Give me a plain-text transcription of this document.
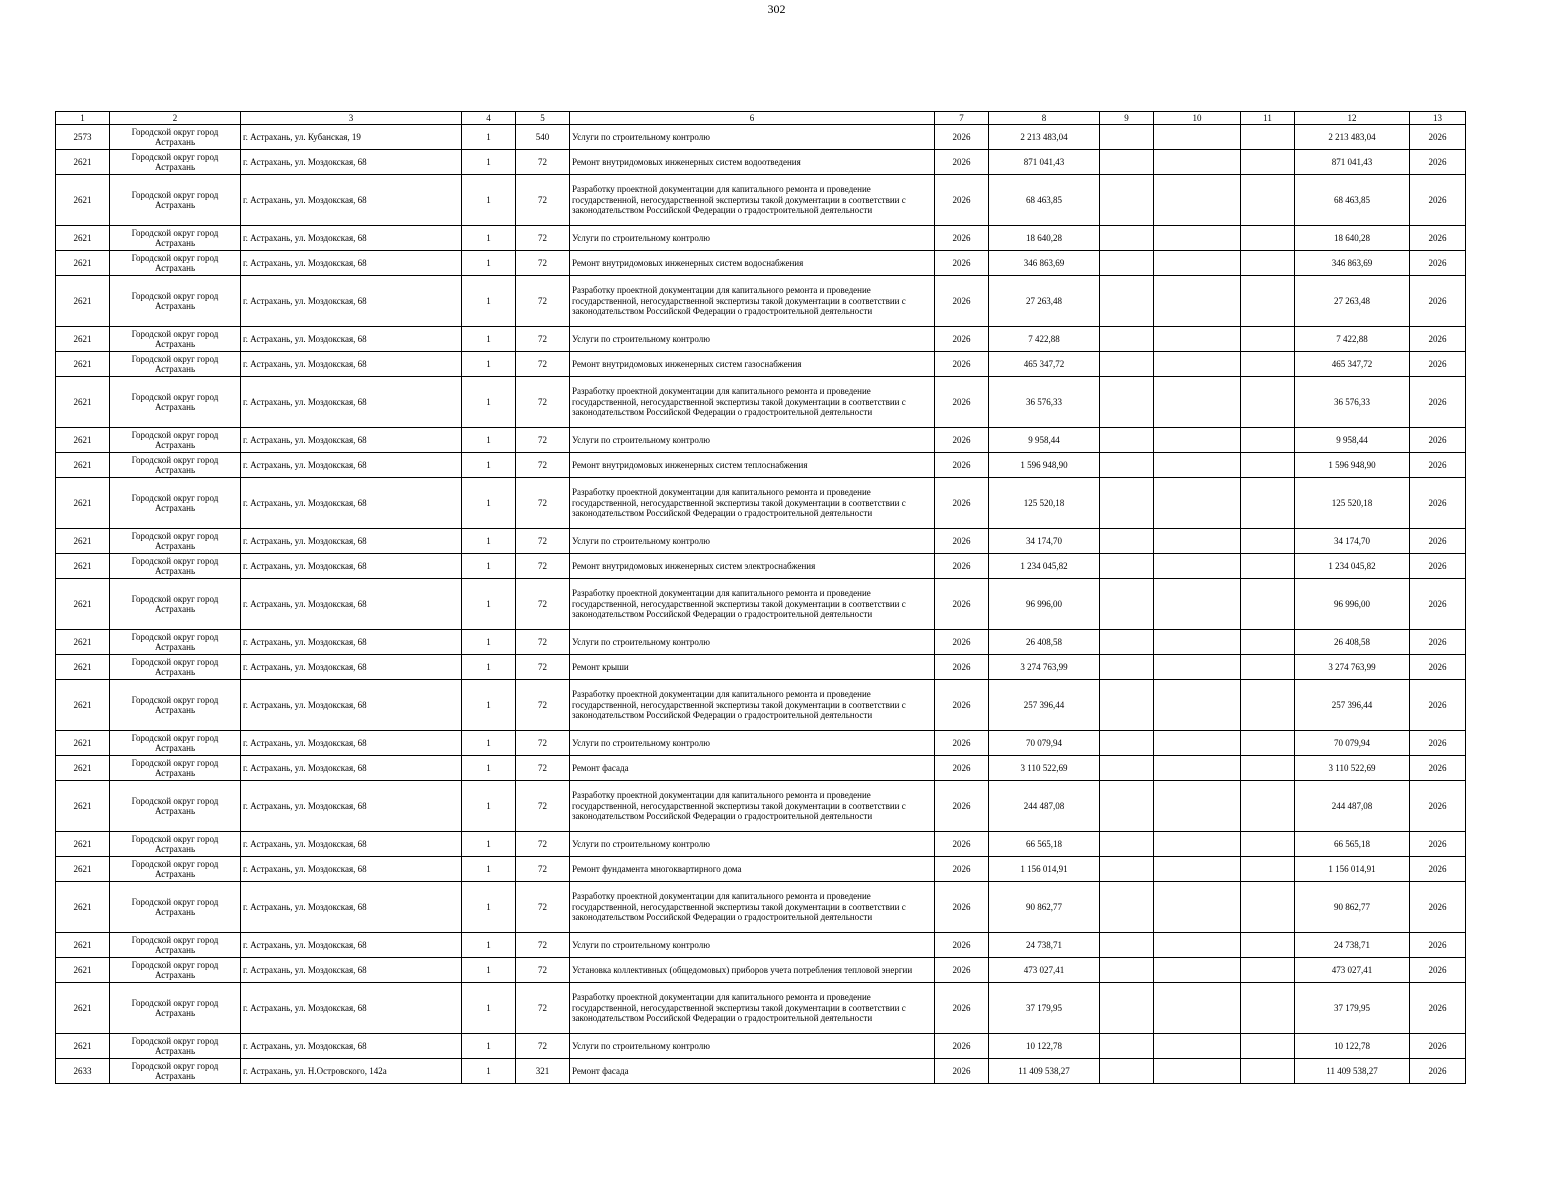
302
1	2	3	4	5	6	7	8	9	10	11	12	13
2573	Городской округ город Астрахань	г. Астрахань, ул. Кубанская, 19	1	540	Услуги по строительному контролю	2026	2 213 483,04				2 213 483,04	2026
2621	Городской округ город Астрахань	г. Астрахань, ул. Моздокская, 68	1	72	Ремонт внутридомовых инженерных систем водоотведения	2026	871 041,43				871 041,43	2026
2621	Городской округ город Астрахань	г. Астрахань, ул. Моздокская, 68	1	72	Разработку проектной документации для капитального ремонта и проведение государственной, негосударственной экспертизы такой документации в соответствии с законодательством Российской Федерации о градостроительной деятельности	2026	68 463,85				68 463,85	2026
2621	Городской округ город Астрахань	г. Астрахань, ул. Моздокская, 68	1	72	Услуги по строительному контролю	2026	18 640,28				18 640,28	2026
2621	Городской округ город Астрахань	г. Астрахань, ул. Моздокская, 68	1	72	Ремонт внутридомовых инженерных систем водоснабжения	2026	346 863,69				346 863,69	2026
2621	Городской округ город Астрахань	г. Астрахань, ул. Моздокская, 68	1	72	Разработку проектной документации для капитального ремонта и проведение государственной, негосударственной экспертизы такой документации в соответствии с законодательством Российской Федерации о градостроительной деятельности	2026	27 263,48				27 263,48	2026
2621	Городской округ город Астрахань	г. Астрахань, ул. Моздокская, 68	1	72	Услуги по строительному контролю	2026	7 422,88				7 422,88	2026
2621	Городской округ город Астрахань	г. Астрахань, ул. Моздокская, 68	1	72	Ремонт внутридомовых инженерных систем газоснабжения	2026	465 347,72				465 347,72	2026
2621	Городской округ город Астрахань	г. Астрахань, ул. Моздокская, 68	1	72	Разработку проектной документации для капитального ремонта и проведение государственной, негосударственной экспертизы такой документации в соответствии с законодательством Российской Федерации о градостроительной деятельности	2026	36 576,33				36 576,33	2026
2621	Городской округ город Астрахань	г. Астрахань, ул. Моздокская, 68	1	72	Услуги по строительному контролю	2026	9 958,44				9 958,44	2026
2621	Городской округ город Астрахань	г. Астрахань, ул. Моздокская, 68	1	72	Ремонт внутридомовых инженерных систем теплоснабжения	2026	1 596 948,90				1 596 948,90	2026
2621	Городской округ город Астрахань	г. Астрахань, ул. Моздокская, 68	1	72	Разработку проектной документации для капитального ремонта и проведение государственной, негосударственной экспертизы такой документации в соответствии с законодательством Российской Федерации о градостроительной деятельности	2026	125 520,18				125 520,18	2026
2621	Городской округ город Астрахань	г. Астрахань, ул. Моздокская, 68	1	72	Услуги по строительному контролю	2026	34 174,70				34 174,70	2026
2621	Городской округ город Астрахань	г. Астрахань, ул. Моздокская, 68	1	72	Ремонт внутридомовых инженерных систем электроснабжения	2026	1 234 045,82				1 234 045,82	2026
2621	Городской округ город Астрахань	г. Астрахань, ул. Моздокская, 68	1	72	Разработку проектной документации для капитального ремонта и проведение государственной, негосударственной экспертизы такой документации в соответствии с законодательством Российской Федерации о градостроительной деятельности	2026	96 996,00				96 996,00	2026
2621	Городской округ город Астрахань	г. Астрахань, ул. Моздокская, 68	1	72	Услуги по строительному контролю	2026	26 408,58				26 408,58	2026
2621	Городской округ город Астрахань	г. Астрахань, ул. Моздокская, 68	1	72	Ремонт крыши	2026	3 274 763,99				3 274 763,99	2026
2621	Городской округ город Астрахань	г. Астрахань, ул. Моздокская, 68	1	72	Разработку проектной документации для капитального ремонта и проведение государственной, негосударственной экспертизы такой документации в соответствии с законодательством Российской Федерации о градостроительной деятельности	2026	257 396,44				257 396,44	2026
2621	Городской округ город Астрахань	г. Астрахань, ул. Моздокская, 68	1	72	Услуги по строительному контролю	2026	70 079,94				70 079,94	2026
2621	Городской округ город Астрахань	г. Астрахань, ул. Моздокская, 68	1	72	Ремонт фасада	2026	3 110 522,69				3 110 522,69	2026
2621	Городской округ город Астрахань	г. Астрахань, ул. Моздокская, 68	1	72	Разработку проектной документации для капитального ремонта и проведение государственной, негосударственной экспертизы такой документации в соответствии с законодательством Российской Федерации о градостроительной деятельности	2026	244 487,08				244 487,08	2026
2621	Городской округ город Астрахань	г. Астрахань, ул. Моздокская, 68	1	72	Услуги по строительному контролю	2026	66 565,18				66 565,18	2026
2621	Городской округ город Астрахань	г. Астрахань, ул. Моздокская, 68	1	72	Ремонт фундамента многоквартирного дома	2026	1 156 014,91				1 156 014,91	2026
2621	Городской округ город Астрахань	г. Астрахань, ул. Моздокская, 68	1	72	Разработку проектной документации для капитального ремонта и проведение государственной, негосударственной экспертизы такой документации в соответствии с законодательством Российской Федерации о градостроительной деятельности	2026	90 862,77				90 862,77	2026
2621	Городской округ город Астрахань	г. Астрахань, ул. Моздокская, 68	1	72	Услуги по строительному контролю	2026	24 738,71				24 738,71	2026
2621	Городской округ город Астрахань	г. Астрахань, ул. Моздокская, 68	1	72	Установка коллективных (общедомовых) приборов учета потребления тепловой энергии	2026	473 027,41				473 027,41	2026
2621	Городской округ город Астрахань	г. Астрахань, ул. Моздокская, 68	1	72	Разработку проектной документации для капитального ремонта и проведение государственной, негосударственной экспертизы такой документации в соответствии с законодательством Российской Федерации о градостроительной деятельности	2026	37 179,95				37 179,95	2026
2621	Городской округ город Астрахань	г. Астрахань, ул. Моздокская, 68	1	72	Услуги по строительному контролю	2026	10 122,78				10 122,78	2026
2633	Городской округ город Астрахань	г. Астрахань, ул. Н.Островского, 142а	1	321	Ремонт фасада	2026	11 409 538,27				11 409 538,27	2026
